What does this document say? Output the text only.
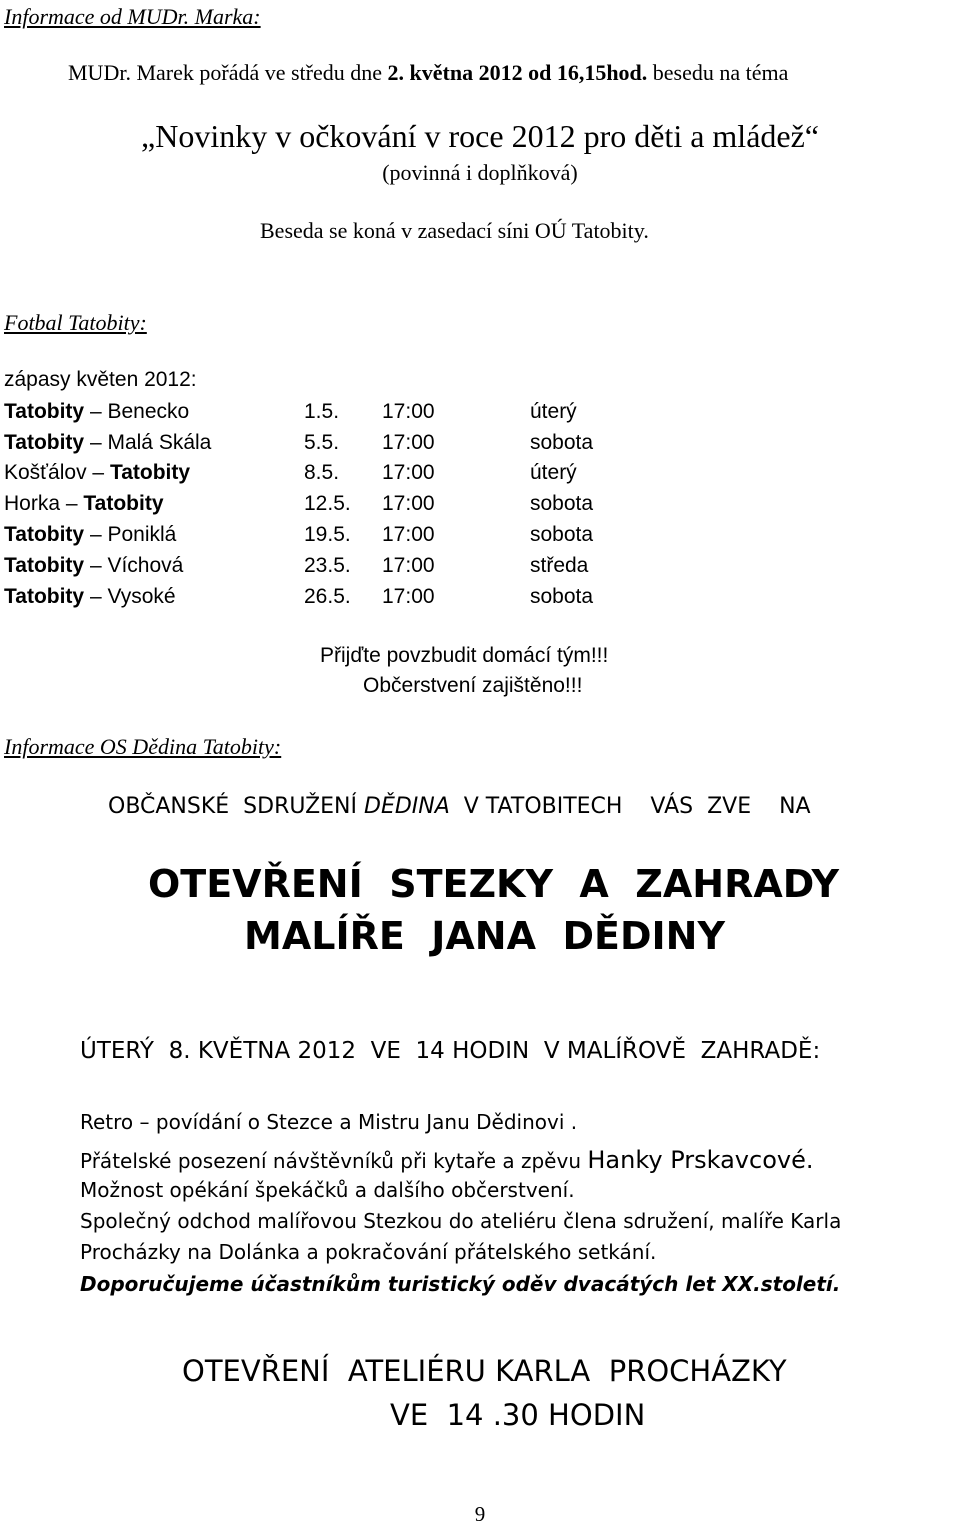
Informace od MUDr. Marka:
MUDr. Marek pořádá ve středu dne 2. května 2012 od 16,15hod. besedu na téma
„Novinky v očkování v roce 2012 pro děti a mládež“
(povinná i doplňková)
Beseda se koná v zasedací síni OÚ Tatobity.
Fotbal Tatobity:
zápasy květen 2012:
Tatobity – Benecko	1.5. 17:00	úterý
Tatobity – Malá Skála	5.5. 17:00	sobota
Košťálov – Tatobity	8.5. 17:00	úterý
Horka – Tatobity	12.5. 17:00	sobota
Tatobity – Poniklá	19.5. 17:00	sobota
Tatobity – Víchová	23.5. 17:00	středa
Tatobity – Vysoké	26.5. 17:00	sobota
Přijďte povzbudit domácí tým!!!
Občerstvení zajištěno!!!
Informace OS Dědina Tatobity:
OBČANSKÉ  SDRUŽENÍ DĚDINA  V TATOBITECH    VÁS  ZVE    NA
OTEVŘENÍ  STEZKY  A  ZAHRADY
MALÍŘE  JANA  DĚDINY
ÚTERÝ  8. KVĚTNA 2012  VE  14 HODIN  V MALÍŘOVĚ  ZAHRADĚ:
Retro – povídání o Stezce a Mistru Janu Dědinovi .
Přátelské posezení návštěvníků při kytaře a zpěvu Hanky Prskavcové.
Možnost opékání špekáčků a dalšího občerstvení.
Společný odchod malířovou Stezkou do ateliéru člena sdružení, malíře Karla
Procházky na Dolánka a pokračování přátelského setkání.
Doporučujeme účastníkům turistický oděv dvacátých let XX.století.
OTEVŘENÍ  ATELIÉRU KARLA  PROCHÁZKY
VE  14 .30 HODIN
9
